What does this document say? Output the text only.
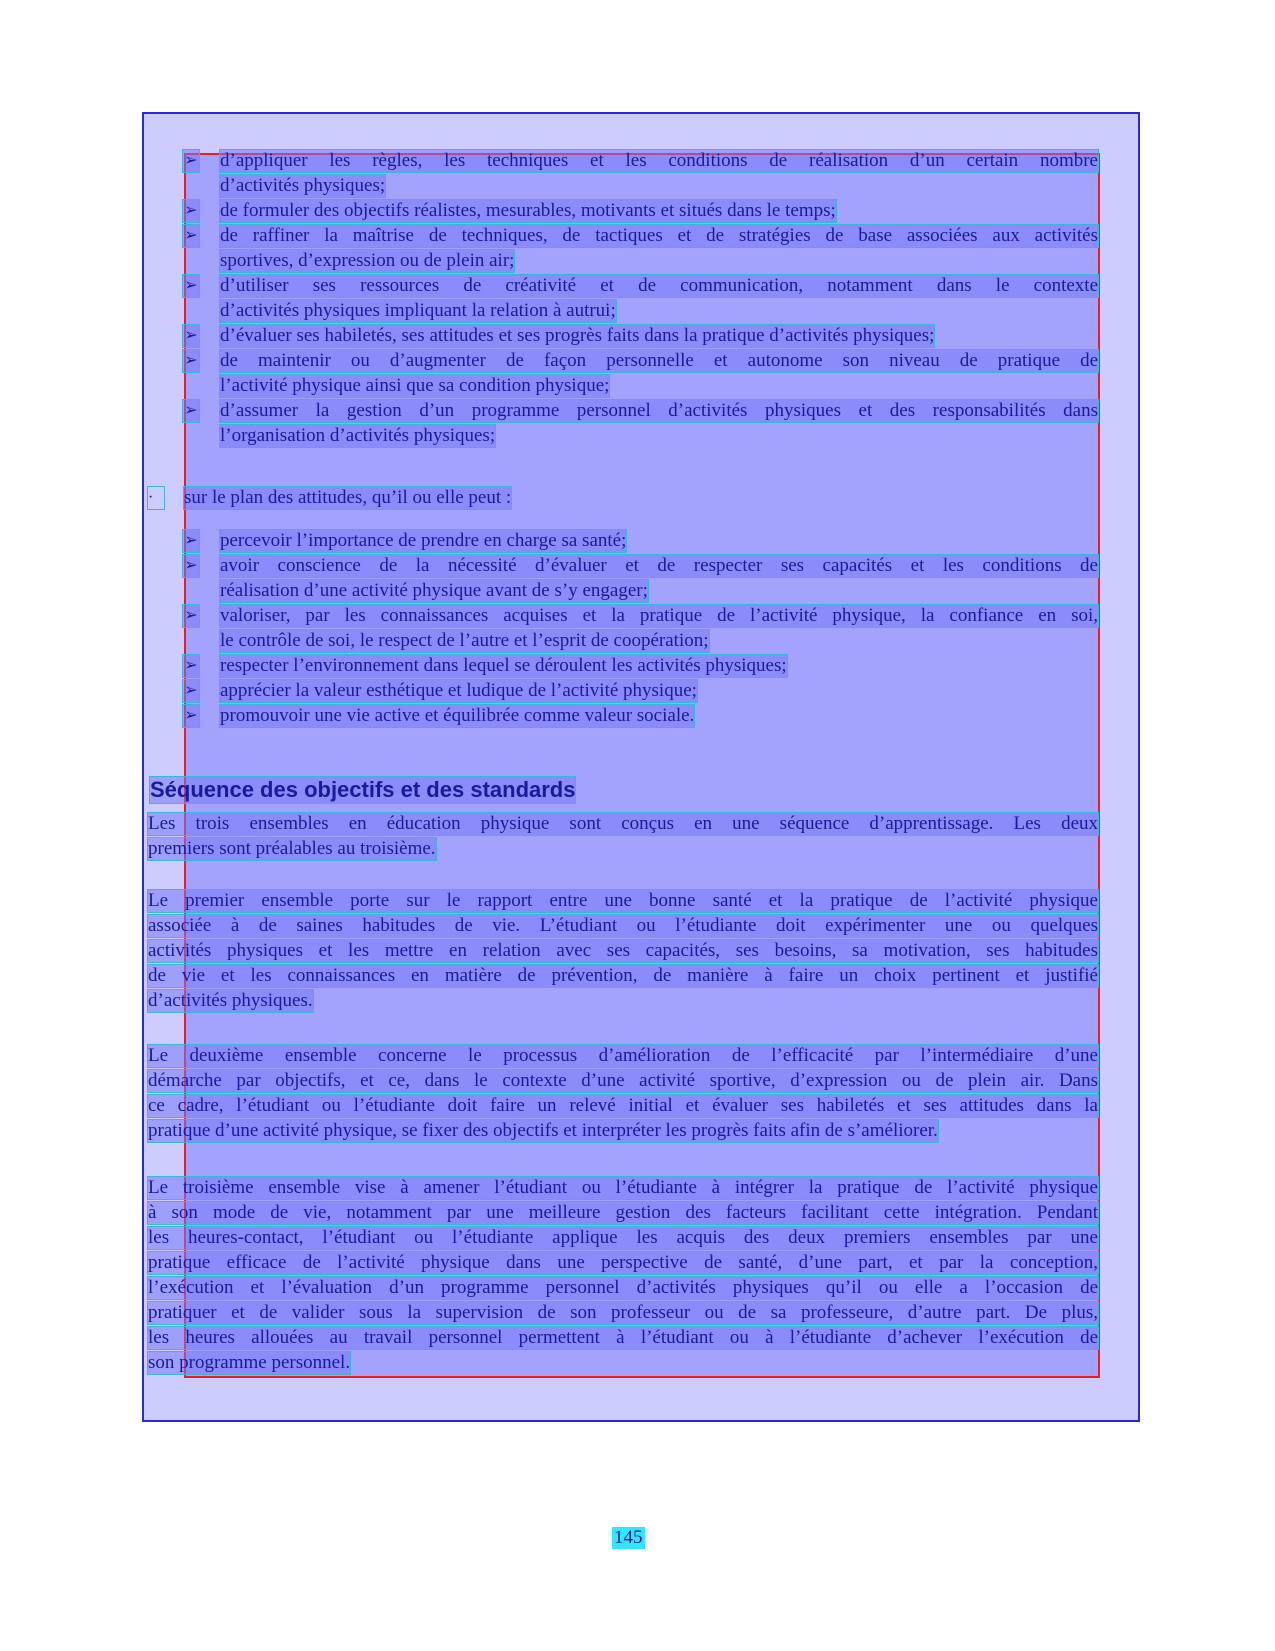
Séquence des objectifs et des standards
145
➢ d’appliquer les règles, les techniques et les conditions de réalisation d’un certain nombre
d’activités physiques;
➢ de formuler des objectifs réalistes, mesurables, motivants et situés dans le temps;
➢ de raffiner la maîtrise de techniques, de tactiques et de stratégies de base associées aux activités
sportives, d’expression ou de plein air;
➢ d’utiliser ses ressources de créativité et de communication, notamment dans le contexte
d’activités physiques impliquant la relation à autrui;
➢ d’évaluer ses habiletés, ses attitudes et ses progrès faits dans la pratique d’activités physiques;
➢ de maintenir ou d’augmenter de façon personnelle et autonome son niveau de pratique de
l’activité physique ainsi que sa condition physique;
➢ d’assumer la gestion d’un programme personnel d’activités physiques et des responsabilités dans
l’organisation d’activités physiques;
·	sur le plan des attitudes, qu’il ou elle peut :
➢ percevoir l’importance de prendre en charge sa santé;
➢ avoir conscience de la nécessité d’évaluer et de respecter ses capacités et les conditions de
réalisation d’une activité physique avant de s’y engager;
➢ valoriser, par les connaissances acquises et la pratique de l’activité physique, la confiance en soi,
le contrôle de soi, le respect de l’autre et l’esprit de coopération;
➢ respecter l’environnement dans lequel se déroulent les activités physiques;
➢ apprécier la valeur esthétique et ludique de l’activité physique;
➢ promouvoir une vie active et équilibrée comme valeur sociale.
Les trois ensembles en éducation physique sont conçus en une séquence d’apprentissage. Les deux
premiers sont préalables au troisième.
Le premier ensemble porte sur le rapport entre une bonne santé et la pratique de l’activité physique
associée à de saines habitudes de vie. L’étudiant ou l’étudiante doit expérimenter une ou quelques
activités physiques et les mettre en relation avec ses capacités, ses besoins, sa motivation, ses habitudes
de vie et les connaissances en matière de prévention, de manière à faire un choix pertinent et justifié
d’activités physiques.
Le deuxième ensemble concerne le processus d’amélioration de l’efficacité par l’intermédiaire d’une
démarche par objectifs, et ce, dans le contexte d’une activité sportive, d’expression ou de plein air. Dans
ce cadre, l’étudiant ou l’étudiante doit faire un relevé initial et évaluer ses habiletés et ses attitudes dans la
pratique d’une activité physique, se fixer des objectifs et interpréter les progrès faits afin de s’améliorer.
Le troisième ensemble vise à amener l’étudiant ou l’étudiante à intégrer la pratique de l’activité physique
à son mode de vie, notamment par une meilleure gestion des facteurs facilitant cette intégration. Pendant
les heures-contact, l’étudiant ou l’étudiante applique les acquis des deux premiers ensembles par une
pratique efficace de l’activité physique dans une perspective de santé, d’une part, et par la conception,
l’exécution et l’évaluation d’un programme personnel d’activités physiques qu’il ou elle a l’occasion de
pratiquer et de valider sous la supervision de son professeur ou de sa professeure, d’autre part. De plus,
les heures allouées au travail personnel permettent à l’étudiant ou à l’étudiante d’achever l’exécution de
son programme personnel.
